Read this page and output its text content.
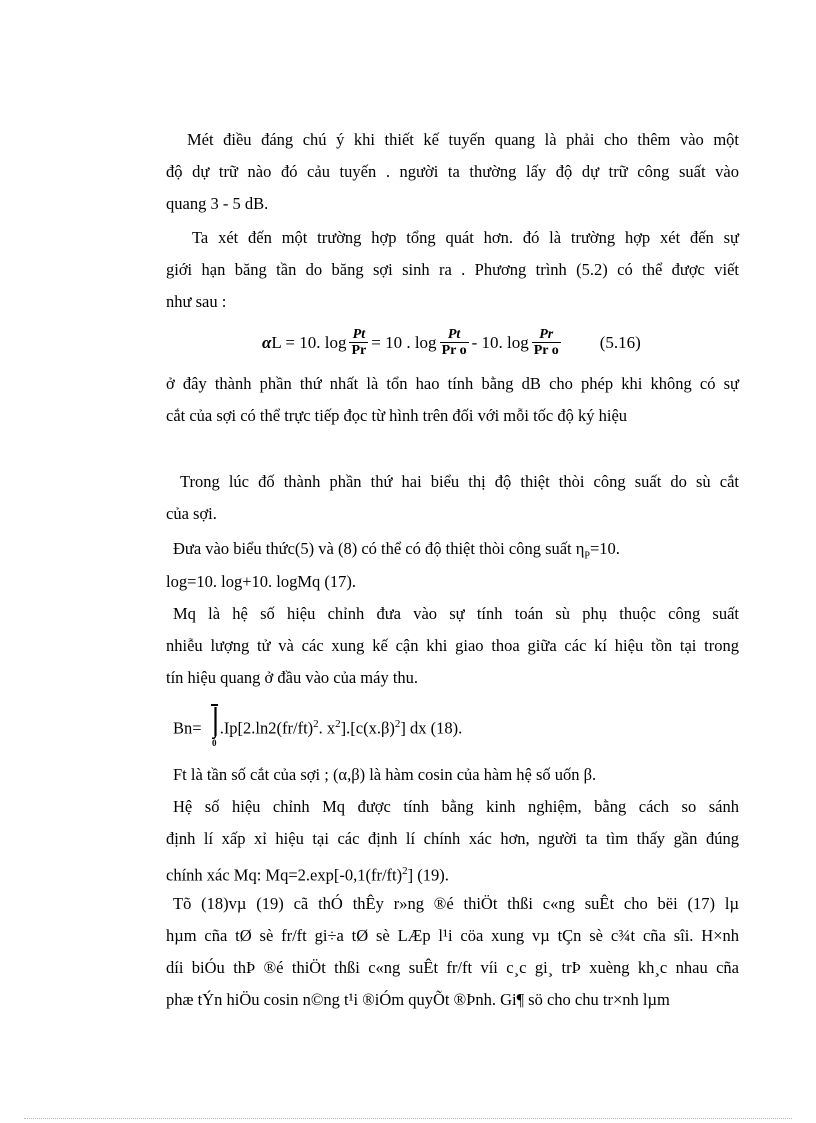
Mét điều đáng chú ý khi thiết kế tuyến quang là phải cho thêm vào một
độ dự trữ nào đó cảu tuyến . người ta thường lấy độ dự trữ công suất vào
quang 3 - 5 dB.
Ta xét đến một trường hợp tổng quát hơn. đó là trường hợp xét đến sự
giới hạn băng tần do băng sợi sinh ra . Phương trình (5.2) có thể được viết
như sau :
α L = 10. $\log \frac{Pt}{Pr} = 10$ . $\log \frac{Pt}{\text{Pr o}} - 10$. $\log \frac{Pr}{\text{Pr o}} (5.16)$
ở đây thành phần thứ nhất là tổn hao tính bằng dB cho phép khi không có sự
cắt của sợi có thể trực tiếp đọc từ hình trên đối với mỗi tốc độ ký hiệu
Trong lúc đố thành phần thứ hai biểu thị độ thiệt thòi công suất do sù cắt
của sợi.
Đưa vào biểu thức(5) và (8) có thể có độ thiệt thòi công suất $\eta_P=10$.
log=10. log+10. logMq (17).
Mq là hệ số hiệu chỉnh đưa vào sự tính toán sù phụ thuộc công suất
nhiễu lượng tử và các xung kế cận khi giao thoa giữa các kí hiệu tồn tại trong
tín hiệu quang ở đầu vào của máy thu.
$Bn= .Ip[2.\ln 2(fr/ft)^2$. $x^2].[c(x.\beta)^2]$ dx (18).
0
Ft là tần số cắt của sợi ; (α,β) là hàm cosin của hàm hệ số uốn β.
Hệ số hiệu chỉnh Mq được tính bằng kinh nghiệm, bằng cách so sánh
định lí xấp xỉ hiệu tại các định lí chính xác hơn, người ta tìm thấy gần đúng
chính xác Mq: $Mq=2.\exp[-0,1(fr/ft)^2]$ (19).
Tõ (18)vµ (19) cã thÓ thÊy r»ng ®é thiÖt thßi c«ng suÊt cho bëi (17) lµ
hµm cña tØ sè fr/ft gi÷a tØ sè LÆp l¹i cöa xung vµ tÇn sè c¾t cña sîi. H×nh
díi biÓu thÞ ®é thiÖt thßi c«ng suÊt fr/ft víi c¸c gi¸ trÞ xuèng kh¸c nhau cña
phæ tÝn hiÖu cosin n©ng t¹i ®iÓm quyÕt ®Þnh. Gi¶ sö cho chu tr×nh lµm
